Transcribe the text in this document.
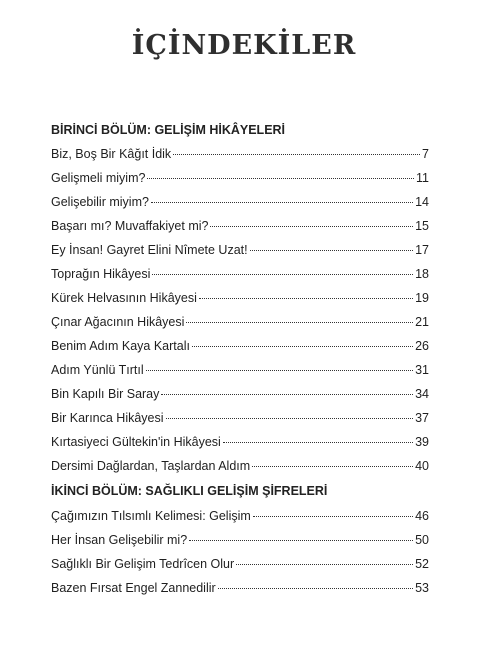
İÇİNDEKİLER
BİRİNCİ BÖLÜM: GELİŞİM HİKÂYELERİ
Biz, Boş Bir Kâğıt İdik	7
Gelişmeli miyim?	11
Gelişebilir miyim?	14
Başarı mı? Muvaffakiyet mi?	15
Ey İnsan! Gayret Elini Nîmete Uzat!	17
Toprağın Hikâyesi	18
Kürek Helvasının Hikâyesi	19
Çınar Ağacının Hikâyesi	21
Benim Adım Kaya Kartalı	26
Adım Yünlü Tırtıl	31
Bin Kapılı Bir Saray	34
Bir Karınca Hikâyesi	37
Kırtasiyeci Gültekin'in Hikâyesi	39
Dersimi Dağlardan, Taşlardan Aldım	40
İKİNCİ BÖLÜM: SAĞLIKLI GELİŞİM ŞİFRELERİ
Çağımızın Tılsımlı Kelimesi: Gelişim	46
Her İnsan Gelişebilir mi?	50
Sağlıklı Bir Gelişim Tedrîcen Olur	52
Bazen Fırsat Engel Zannedilir	53
